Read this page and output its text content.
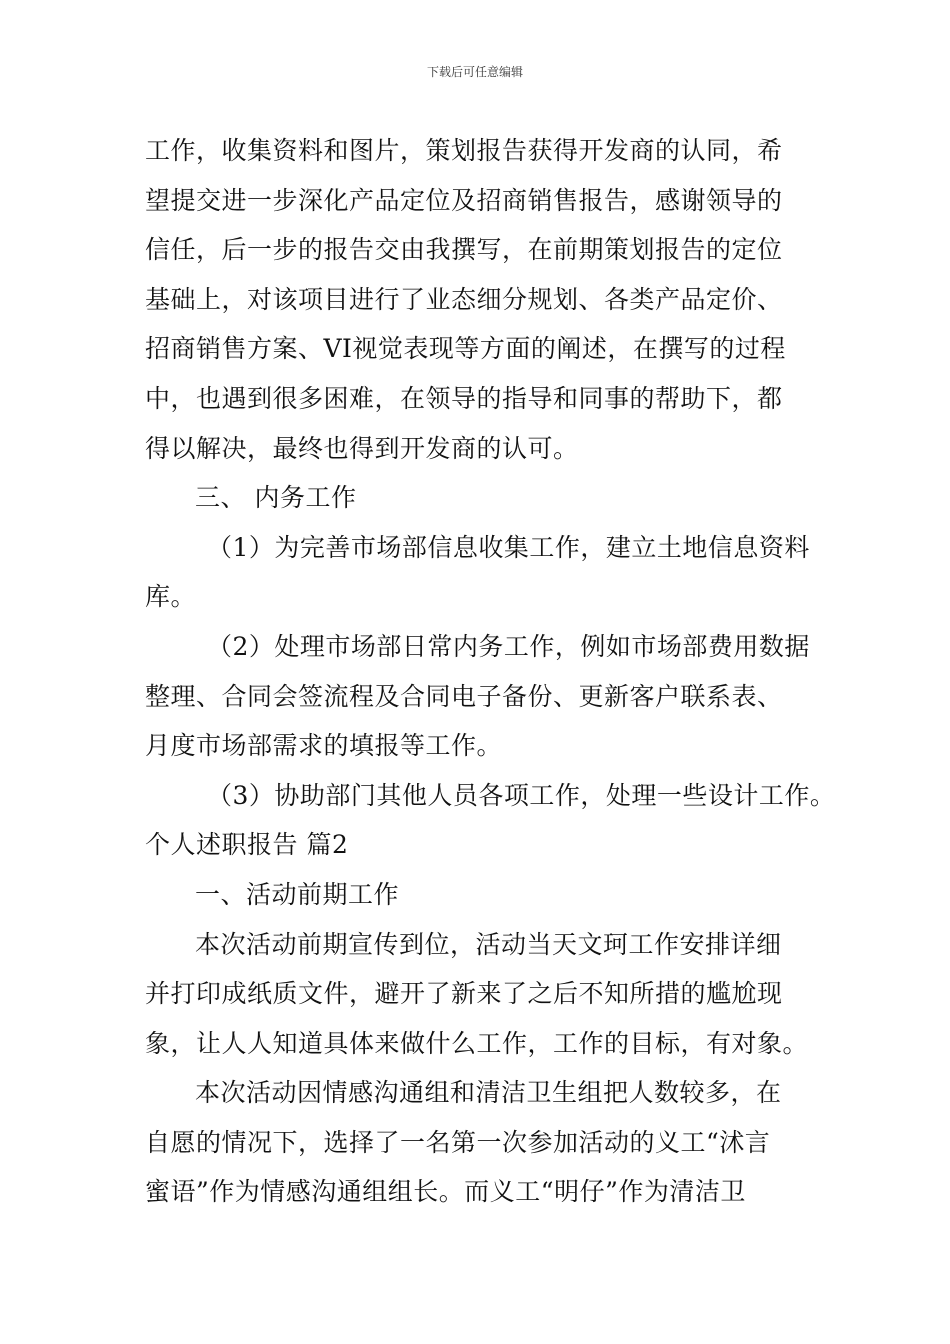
下载后可任意编辑
工作，收集资料和图片，策划报告获得开发商的认同，希
望提交进一步深化产品定位及招商销售报告，感谢领导的
信任，后一步的报告交由我撰写，在前期策划报告的定位
基础上，对该项目进行了业态细分规划、各类产品定价、
招商销售方案、VI视觉表现等方面的阐述，在撰写的过程
中，也遇到很多困难，在领导的指导和同事的帮助下，都
得以解决，最终也得到开发商的认可。
三、 内务工作
（1）为完善市场部信息收集工作，建立土地信息资料
库。
（2）处理市场部日常内务工作，例如市场部费用数据
整理、合同会签流程及合同电子备份、更新客户联系表、
月度市场部需求的填报等工作。
（3）协助部门其他人员各项工作，处理一些设计工作。
个人述职报告 篇2
一、活动前期工作
本次活动前期宣传到位，活动当天文珂工作安排详细
并打印成纸质文件，避开了新来了之后不知所措的尴尬现
象，让人人知道具体来做什么工作，工作的目标，有对象。
本次活动因情感沟通组和清洁卫生组把人数较多，在
自愿的情况下，选择了一名第一次参加活动的义工“沭言
蜜语”作为情感沟通组组长。而义工“明仔”作为清洁卫
